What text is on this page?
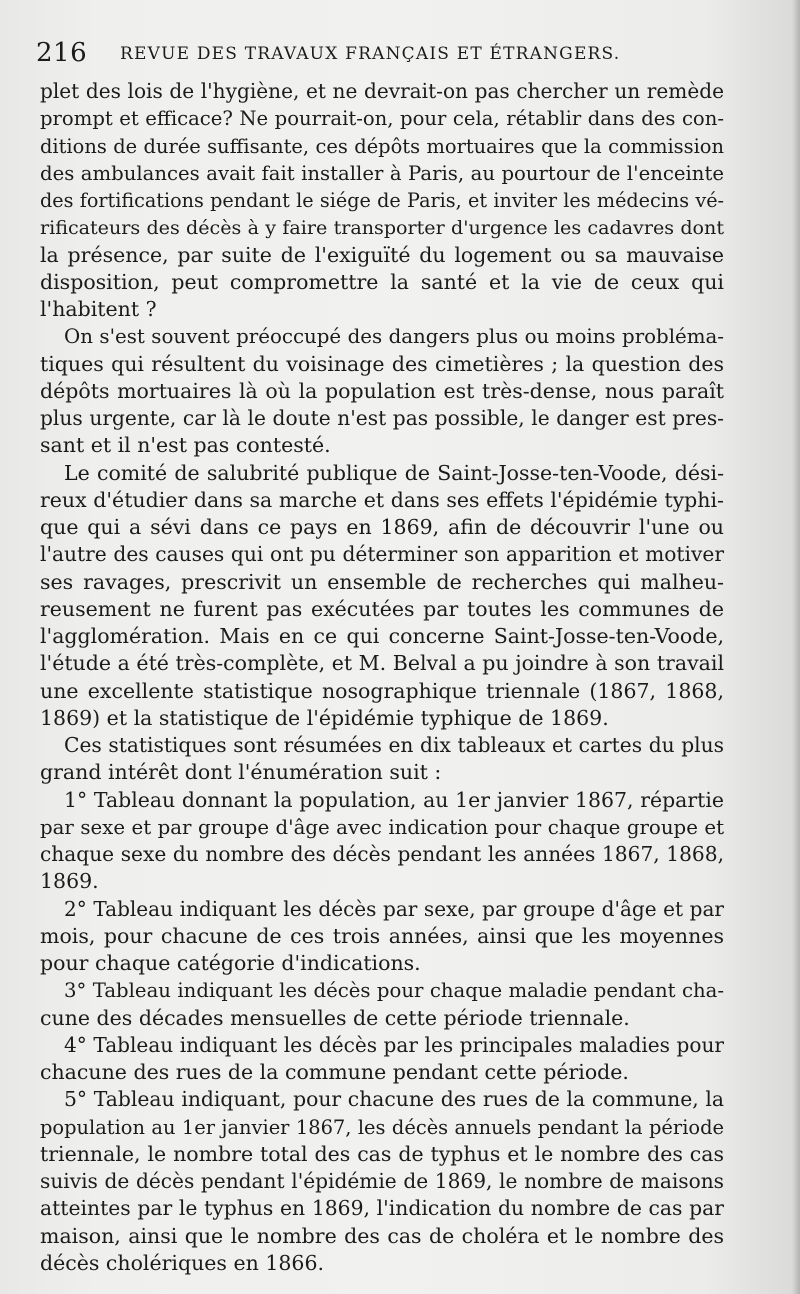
216 REVUE DES TRAVAUX FRANÇAIS ET ÉTRANGERS.
plet des lois de l'hygiène, et ne devrait-on pas chercher un remède
prompt et efficace? Ne pourrait-on, pour cela, rétablir dans des con-
ditions de durée suffisante, ces dépôts mortuaires que la commission
des ambulances avait fait installer à Paris, au pourtour de l'enceinte
des fortifications pendant le siége de Paris, et inviter les médecins vé-
rificateurs des décès à y faire transporter d'urgence les cadavres dont
la présence, par suite de l'exiguïté du logement ou sa mauvaise
disposition, peut compromettre la santé et la vie de ceux qui
l'habitent ?
On s'est souvent préoccupé des dangers plus ou moins probléma-
tiques qui résultent du voisinage des cimetières ; la question des
dépôts mortuaires là où la population est très-dense, nous paraît
plus urgente, car là le doute n'est pas possible, le danger est pres-
sant et il n'est pas contesté.
Le comité de salubrité publique de Saint-Josse-ten-Voode, dési-
reux d'étudier dans sa marche et dans ses effets l'épidémie typhi-
que qui a sévi dans ce pays en 1869, afin de découvrir l'une ou
l'autre des causes qui ont pu déterminer son apparition et motiver
ses ravages, prescrivit un ensemble de recherches qui malheu-
reusement ne furent pas exécutées par toutes les communes de
l'agglomération. Mais en ce qui concerne Saint-Josse-ten-Voode,
l'étude a été très-complète, et M. Belval a pu joindre à son travail
une excellente statistique nosographique triennale (1867, 1868,
1869) et la statistique de l'épidémie typhique de 1869.
Ces statistiques sont résumées en dix tableaux et cartes du plus
grand intérêt dont l'énumération suit :
1° Tableau donnant la population, au 1er janvier 1867, répartie
par sexe et par groupe d'âge avec indication pour chaque groupe et
chaque sexe du nombre des décès pendant les années 1867, 1868,
1869.
2° Tableau indiquant les décès par sexe, par groupe d'âge et par
mois, pour chacune de ces trois années, ainsi que les moyennes
pour chaque catégorie d'indications.
3° Tableau indiquant les décès pour chaque maladie pendant cha-
cune des décades mensuelles de cette période triennale.
4° Tableau indiquant les décès par les principales maladies pour
chacune des rues de la commune pendant cette période.
5° Tableau indiquant, pour chacune des rues de la commune, la
population au 1er janvier 1867, les décès annuels pendant la période
triennale, le nombre total des cas de typhus et le nombre des cas
suivis de décès pendant l'épidémie de 1869, le nombre de maisons
atteintes par le typhus en 1869, l'indication du nombre de cas par
maison, ainsi que le nombre des cas de choléra et le nombre des
décès cholériques en 1866.
